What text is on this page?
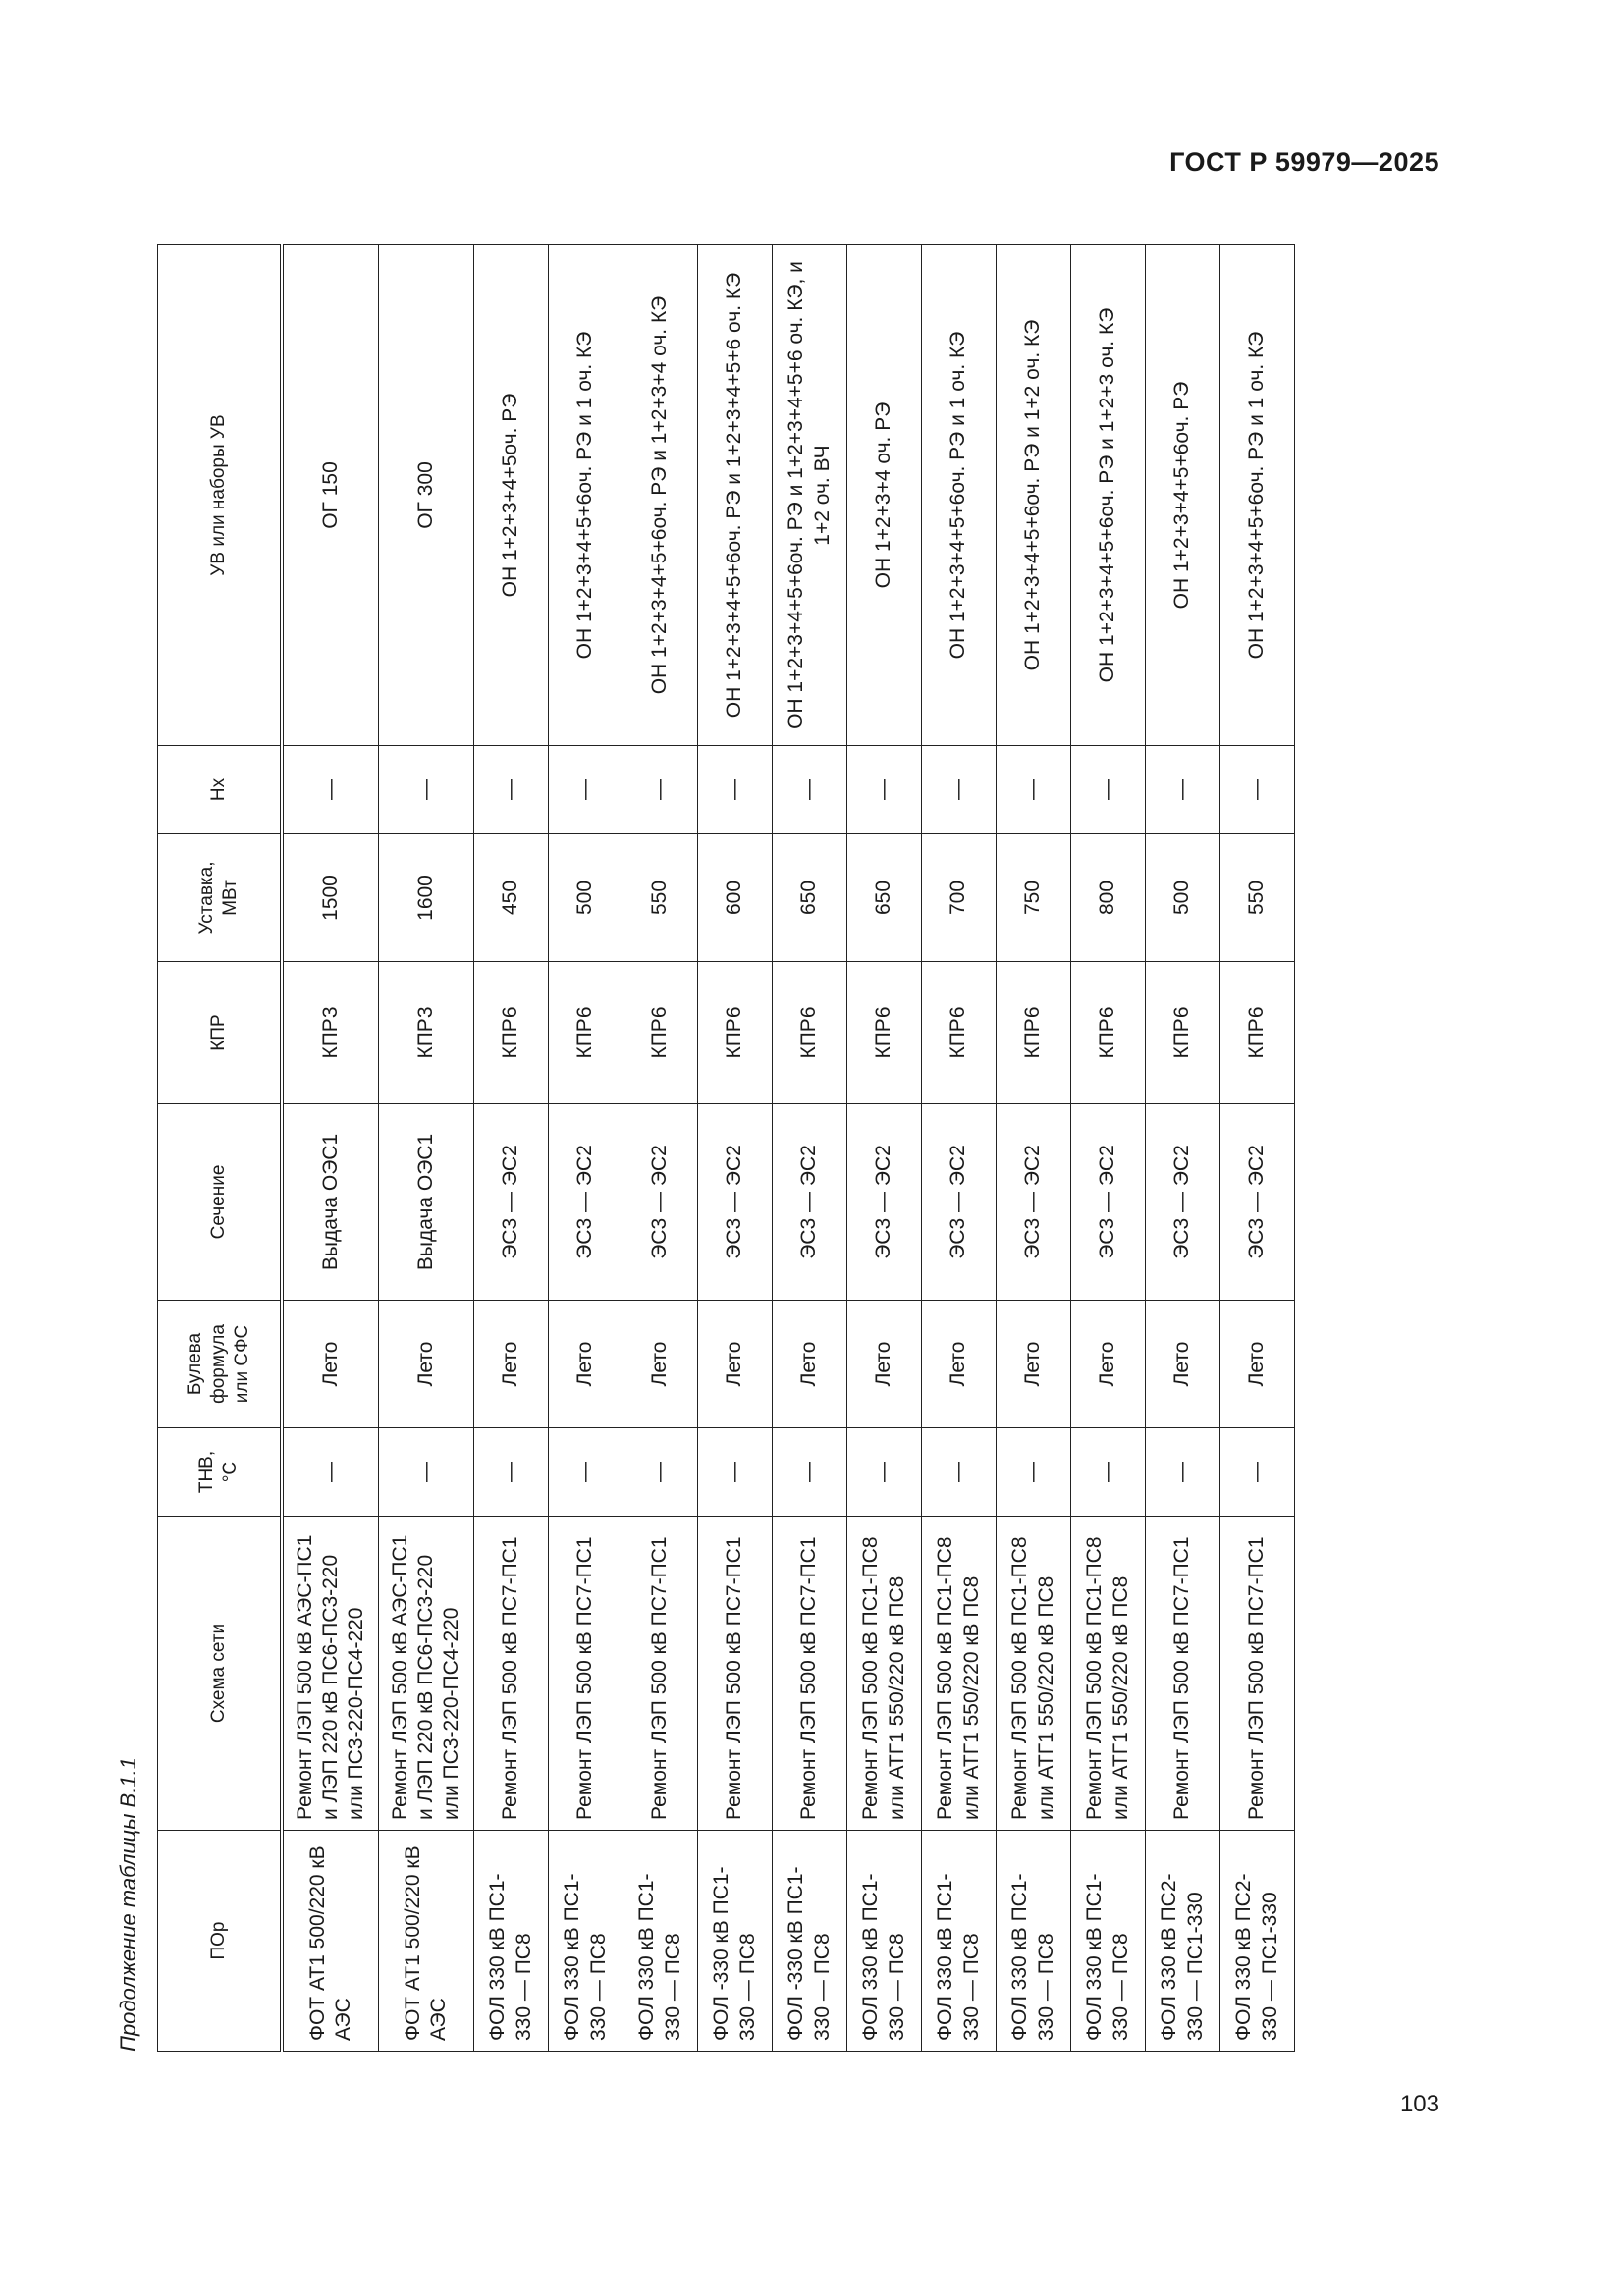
ГОСТ Р 59979—2025
Продолжение таблицы В.1.1	ПОр	Схема сети	ТНВ, °С	Булева формула или СФС	Сечение	КПР	Уставка, МВт	Нх	УВ или наборы УВ
ФОТ АТ1 500/220 кВ АЭС	Ремонт ЛЭП 500 кВ АЭС-ПС1 и ЛЭП 220 кВ ПС6-ПС3-220 или ПС3-220-ПС4-220	—	Лето	Выдача ОЭС1	КПР3	1500	—	ОГ 150
ФОТ АТ1 500/220 кВ АЭС	Ремонт ЛЭП 500 кВ АЭС-ПС1 и ЛЭП 220 кВ ПС6-ПС3-220 или ПС3-220-ПС4-220	—	Лето	Выдача ОЭС1	КПР3	1600	—	ОГ 300
ФОЛ 330 кВ ПС1-330 — ПС8	Ремонт ЛЭП 500 кВ ПС7-ПС1	—	Лето	ЭС3 — ЭС2	КПР6	450	—	ОН 1+2+3+4+5оч. РЭ
ФОЛ 330 кВ ПС1-330 — ПС8	Ремонт ЛЭП 500 кВ ПС7-ПС1	—	Лето	ЭС3 — ЭС2	КПР6	500	—	ОН 1+2+3+4+5+6оч. РЭ и 1 оч. КЭ
ФОЛ 330 кВ ПС1-330 — ПС8	Ремонт ЛЭП 500 кВ ПС7-ПС1	—	Лето	ЭС3 — ЭС2	КПР6	550	—	ОН 1+2+3+4+5+6оч. РЭ и 1+2+3+4 оч. КЭ
ФОЛ -330 кВ ПС1-330 — ПС8	Ремонт ЛЭП 500 кВ ПС7-ПС1	—	Лето	ЭС3 — ЭС2	КПР6	600	—	ОН 1+2+3+4+5+6оч. РЭ и 1+2+3+4+5+6 оч. КЭ
ФОЛ -330 кВ ПС1-330 — ПС8	Ремонт ЛЭП 500 кВ ПС7-ПС1	—	Лето	ЭС3 — ЭС2	КПР6	650	—	ОН 1+2+3+4+5+6оч. РЭ и 1+2+3+4+5+6 оч. КЭ, и 1+2 оч. ВЧ
ФОЛ 330 кВ ПС1-330 — ПС8	Ремонт ЛЭП 500 кВ ПС1-ПС8 или АТГ1 550/220 кВ ПС8	—	Лето	ЭС3 — ЭС2	КПР6	650	—	ОН 1+2+3+4 оч. РЭ
ФОЛ 330 кВ ПС1-330 — ПС8	Ремонт ЛЭП 500 кВ ПС1-ПС8 или АТГ1 550/220 кВ ПС8	—	Лето	ЭС3 — ЭС2	КПР6	700	—	ОН 1+2+3+4+5+6оч. РЭ и 1 оч. КЭ
ФОЛ 330 кВ ПС1-330 — ПС8	Ремонт ЛЭП 500 кВ ПС1-ПС8 или АТГ1 550/220 кВ ПС8	—	Лето	ЭС3 — ЭС2	КПР6	750	—	ОН 1+2+3+4+5+6оч. РЭ и 1+2 оч. КЭ
ФОЛ 330 кВ ПС1-330 — ПС8	Ремонт ЛЭП 500 кВ ПС1-ПС8 или АТГ1 550/220 кВ ПС8	—	Лето	ЭС3 — ЭС2	КПР6	800	—	ОН 1+2+3+4+5+6оч. РЭ и 1+2+3 оч. КЭ
ФОЛ 330 кВ ПС2-330 — ПС1-330	Ремонт ЛЭП 500 кВ ПС7-ПС1	—	Лето	ЭС3 — ЭС2	КПР6	500	—	ОН 1+2+3+4+5+6оч. РЭ
ФОЛ 330 кВ ПС2-330 — ПС1-330	Ремонт ЛЭП 500 кВ ПС7-ПС1	—	Лето	ЭС3 — ЭС2	КПР6	550	—	ОН 1+2+3+4+5+6оч. РЭ и 1 оч. КЭ
103
